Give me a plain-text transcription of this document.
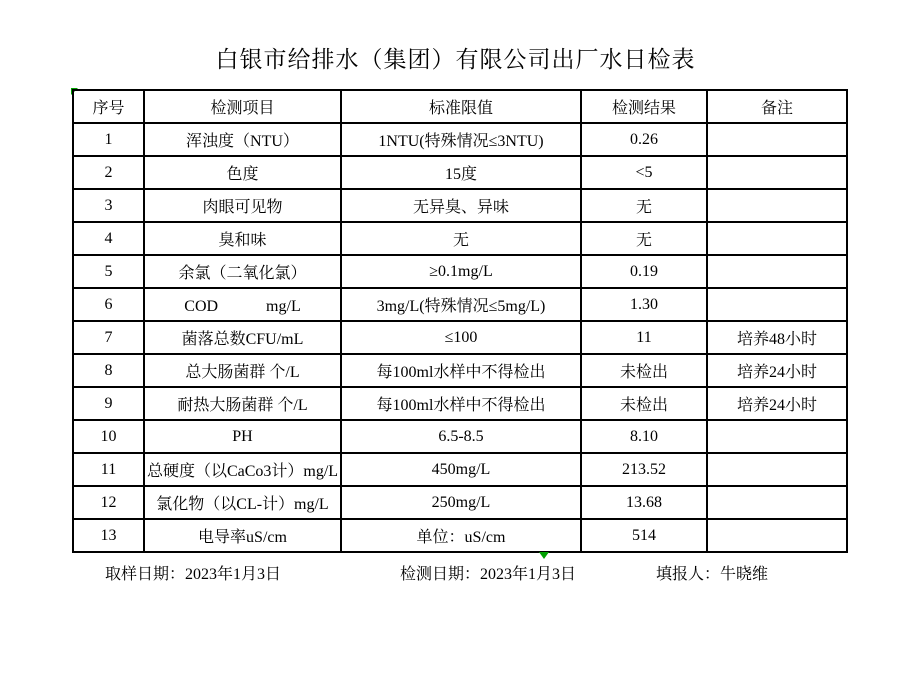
白银市给排水（集团）有限公司出厂水日检表
序号	检测项目	标准限值	检测结果	备注
1	浑浊度（NTU）	1NTU(特殊情况≤3NTU)	0.26	
2	色度	15度	<5	
3	肉眼可见物	无异臭、异味	无	
4	臭和味	无	无	
5	余氯（二氧化氯）	≥0.1mg/L	0.19	
6	COD　　　mg/L	3mg/L(特殊情况≤5mg/L)	1.30	
7	菌落总数CFU/mL	≤100	11	培养48小时
8	总大肠菌群 个/L	每100ml水样中不得检出	未检出	培养24小时
9	耐热大肠菌群 个/L	每100ml水样中不得检出	未检出	培养24小时
10	PH	6.5-8.5	8.10	
11	总硬度（以CaCo3计）mg/L	450mg/L	213.52	
12	氯化物（以CL-计）mg/L	250mg/L	13.68	
13	电导率uS/cm	单位：uS/cm	514	
取样日期：2023年1月3日	检测日期：2023年1月3日	填报人：牛晓维
